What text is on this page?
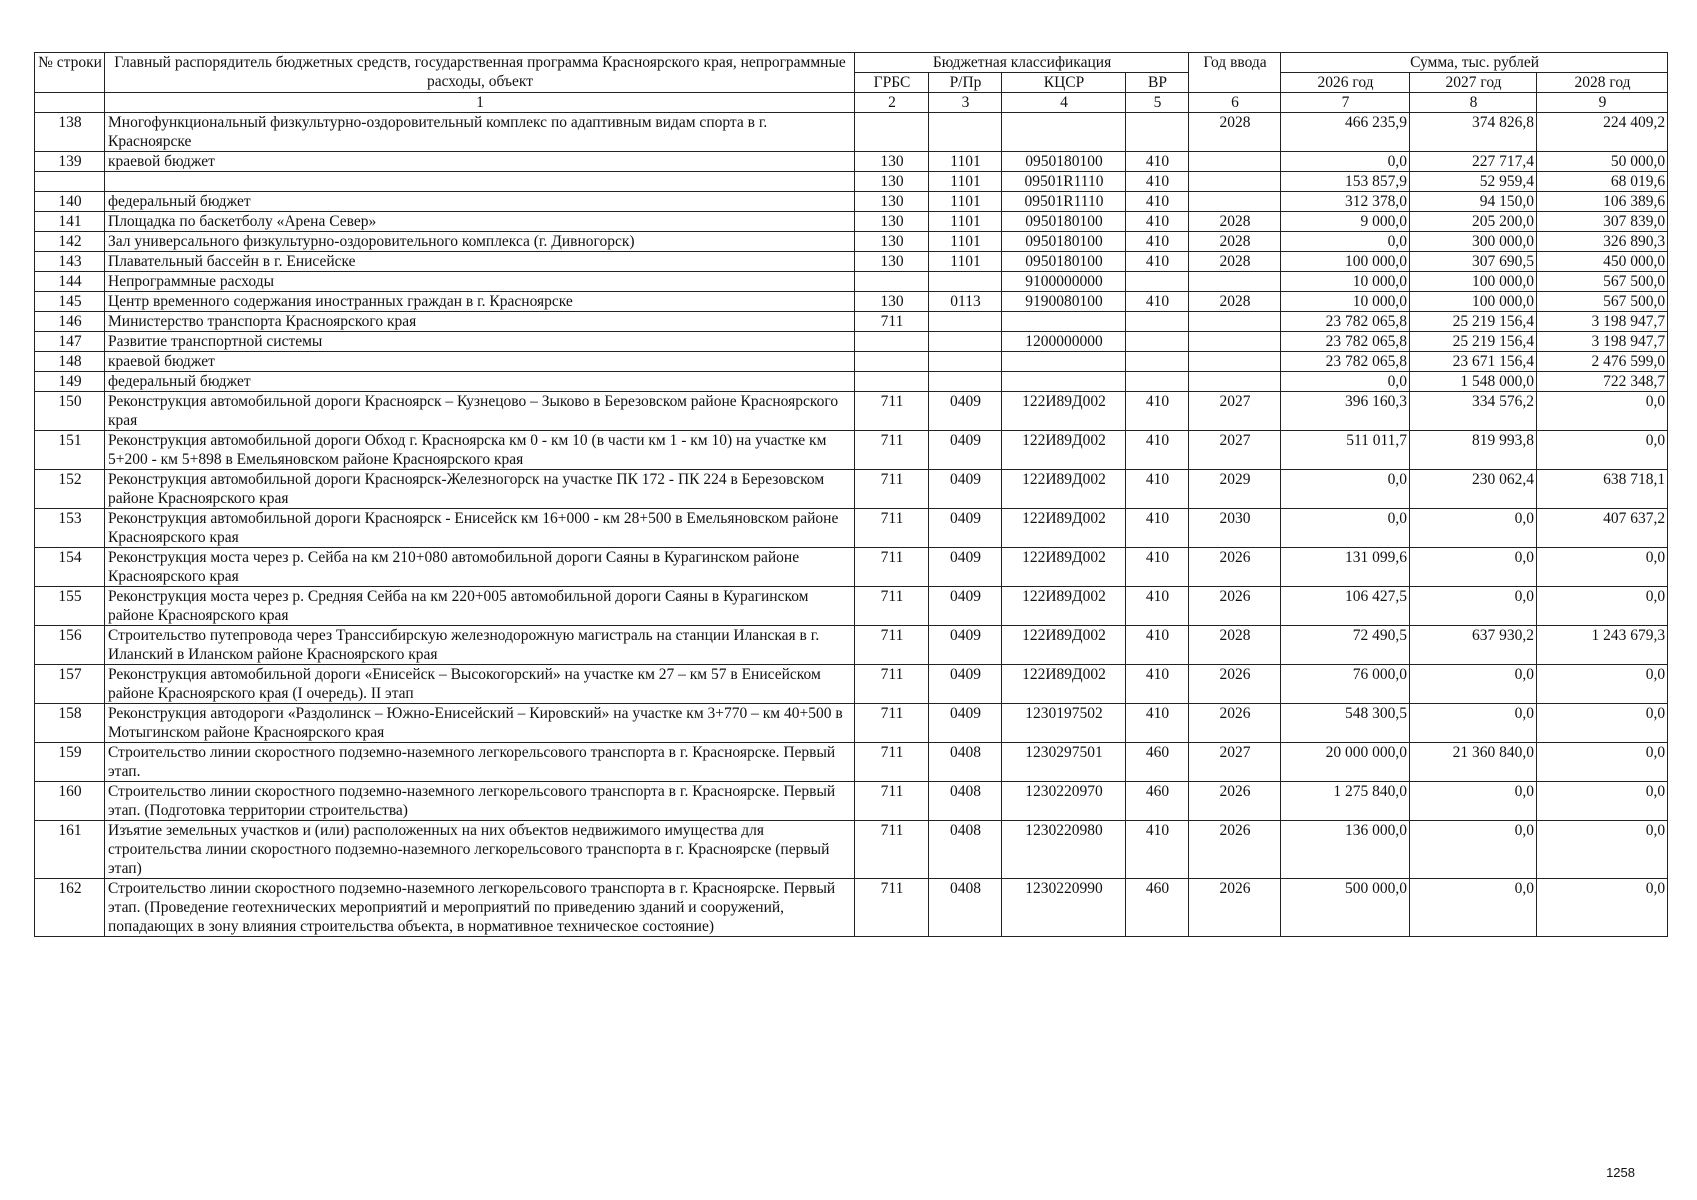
№ строки	Главный распорядитель бюджетных средств, государственная программа Красноярского края, непрограммные расходы, объект	Бюджетная классификация				Год ввода	Сумма, тыс. рублей		
		ГРБС	Р/Пр	КЦСР	ВР		2026 год	2027 год	2028 год
	1	2	3	4	5	6	7	8	9
138	Многофункциональный физкультурно-оздоровительный комплекс по адаптивным видам спорта в г. Красноярске					2028	466 235,9	374 826,8	224 409,2
139	краевой бюджет	130	1101	0950180100	410		0,0	227 717,4	50 000,0
		130	1101	09501R1110	410		153 857,9	52 959,4	68 019,6
140	федеральный бюджет	130	1101	09501R1110	410		312 378,0	94 150,0	106 389,6
141	Площадка по баскетболу «Арена Север»	130	1101	0950180100	410	2028	9 000,0	205 200,0	307 839,0
142	Зал универсального физкультурно-оздоровительного комплекса (г. Дивногорск)	130	1101	0950180100	410	2028	0,0	300 000,0	326 890,3
143	Плавательный бассейн в г. Енисейске	130	1101	0950180100	410	2028	100 000,0	307 690,5	450 000,0
144	Непрограммные расходы			9100000000			10 000,0	100 000,0	567 500,0
145	Центр временного содержания иностранных граждан в г. Красноярске	130	0113	9190080100	410	2028	10 000,0	100 000,0	567 500,0
146	Министерство транспорта Красноярского края	711					23 782 065,8	25 219 156,4	3 198 947,7
147	Развитие транспортной системы			1200000000			23 782 065,8	25 219 156,4	3 198 947,7
148	краевой бюджет						23 782 065,8	23 671 156,4	2 476 599,0
149	федеральный бюджет						0,0	1 548 000,0	722 348,7
150	Реконструкция автомобильной дороги Красноярск – Кузнецово – Зыково в Березовском районе Красноярского края	711	0409	122И89Д002	410	2027	396 160,3	334 576,2	0,0
151	Реконструкция автомобильной дороги Обход г. Красноярска км 0 - км 10 (в части км 1 - км 10) на участке км 5+200 - км 5+898 в Емельяновском районе Красноярского края	711	0409	122И89Д002	410	2027	511 011,7	819 993,8	0,0
152	Реконструкция автомобильной дороги Красноярск-Железногорск на участке ПК 172 - ПК 224 в Березовском районе Красноярского края	711	0409	122И89Д002	410	2029	0,0	230 062,4	638 718,1
153	Реконструкция автомобильной дороги Красноярск - Енисейск км 16+000 - км 28+500 в Емельяновском районе Красноярского края	711	0409	122И89Д002	410	2030	0,0	0,0	407 637,2
154	Реконструкция моста через р. Сейба на км 210+080 автомобильной дороги Саяны в Курагинском районе Красноярского края	711	0409	122И89Д002	410	2026	131 099,6	0,0	0,0
155	Реконструкция моста через р. Средняя Сейба на км 220+005 автомобильной дороги Саяны в Курагинском районе Красноярского края	711	0409	122И89Д002	410	2026	106 427,5	0,0	0,0
156	Строительство путепровода через Транссибирскую железнодорожную магистраль на станции Иланская в г. Иланский в Иланском районе Красноярского края	711	0409	122И89Д002	410	2028	72 490,5	637 930,2	1 243 679,3
157	Реконструкция автомобильной дороги «Енисейск – Высокогорский» на участке км 27 – км 57 в Енисейском районе Красноярского края (I очередь). II этап	711	0409	122И89Д002	410	2026	76 000,0	0,0	0,0
158	Реконструкция автодороги «Раздолинск – Южно-Енисейский – Кировский» на участке км 3+770 – км 40+500 в Мотыгинском районе Красноярского края	711	0409	1230197502	410	2026	548 300,5	0,0	0,0
159	Строительство линии скоростного подземно-наземного легкорельсового транспорта в г. Красноярске. Первый этап.	711	0408	1230297501	460	2027	20 000 000,0	21 360 840,0	0,0
160	Строительство линии скоростного подземно-наземного легкорельсового транспорта в г. Красноярске. Первый этап. (Подготовка территории строительства)	711	0408	1230220970	460	2026	1 275 840,0	0,0	0,0
161	Изъятие земельных участков и (или) расположенных на них объектов недвижимого имущества для строительства линии скоростного подземно-наземного легкорельсового транспорта в г. Красноярске (первый этап)	711	0408	1230220980	410	2026	136 000,0	0,0	0,0
162	Строительство линии скоростного подземно-наземного легкорельсового транспорта в г. Красноярске. Первый этап. (Проведение геотехнических мероприятий и мероприятий по приведению зданий и сооружений, попадающих в зону влияния строительства объекта, в нормативное техническое состояние)	711	0408	1230220990	460	2026	500 000,0	0,0	0,0
1258
